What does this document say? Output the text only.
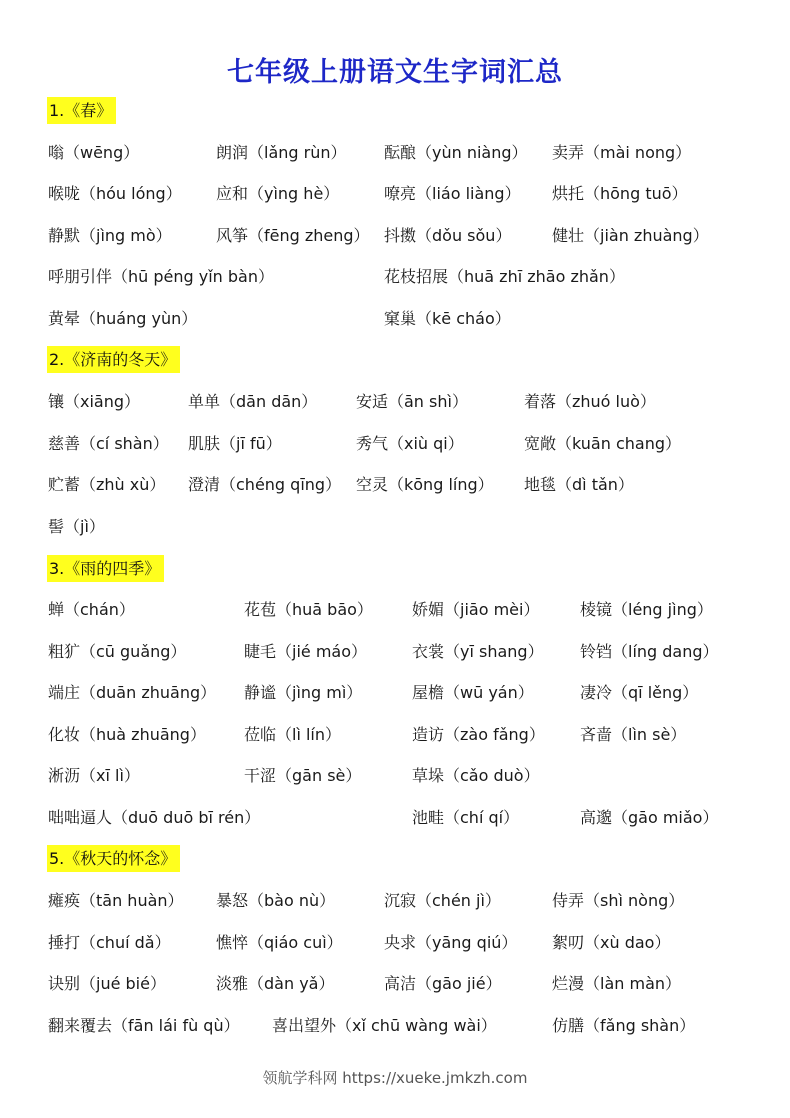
七年级上册语文生字词汇总
1.《春》
嗡（wēng）	朗润（lǎng rùn） 酝酿（yùn niàng） 卖弄（mài nong）
喉咙（hóu lóng） 应和（yìng hè）	嘹亮（liáo liàng） 烘托（hōng tuō）
静默（jìng mò）	风筝（fēng zheng） 抖擞（dǒu sǒu）	健壮（jiàn zhuàng）
呼朋引伴（hū péng yǐn bàn）	花枝招展（huā zhī zhāo zhǎn）
黄晕（huáng yùn）	窠巢（kē cháo）
2.《济南的冬天》
镶（xiāng）	单单（dān dān） 安适（ān shì）	着落（zhuó luò）
慈善（cí shàn） 肌肤（jī fū）	秀气（xiù qi）	宽敞（kuān chang）
贮蓄（zhù xù） 澄清（chéng qīng） 空灵（kōng líng） 地毯（dì tǎn）
髻（jì）
3.《雨的四季》
蝉（chán）	花苞（huā bāo） 娇媚（jiāo mèi）	棱镜（léng jìng）
粗犷（cū guǎng）	睫毛（jié máo）	衣裳（yī shang） 铃铛（líng dang）
端庄（duān zhuāng） 静谧（jìng mì）	屋檐（wū yán）	凄冷（qī lěng）
化妆（huà zhuāng） 莅临（lì lín）	造访（zào fǎng） 吝啬（lìn sè）
淅沥（xī lì）	干涩（gān sè）	草垛（cǎo duò）
咄咄逼人（duō duō bī rén）	池畦（chí qí）	高邈（gāo miǎo）
5.《秋天的怀念》
瘫痪（tān huàn） 暴怒（bào nù）	沉寂（chén jì）	侍弄（shì nòng）
捶打（chuí dǎ）	憔悴（qiáo cuì）	央求（yāng qiú） 絮叨（xù dao）
诀别（jué bié）	淡雅（dàn yǎ）	高洁（gāo jié）	烂漫（làn màn）
翻来覆去（fān lái fù qù） 喜出望外（xǐ chū wàng wài）	仿膳（fǎng shàn）
领航学科网 https://xueke.jmkzh.com
